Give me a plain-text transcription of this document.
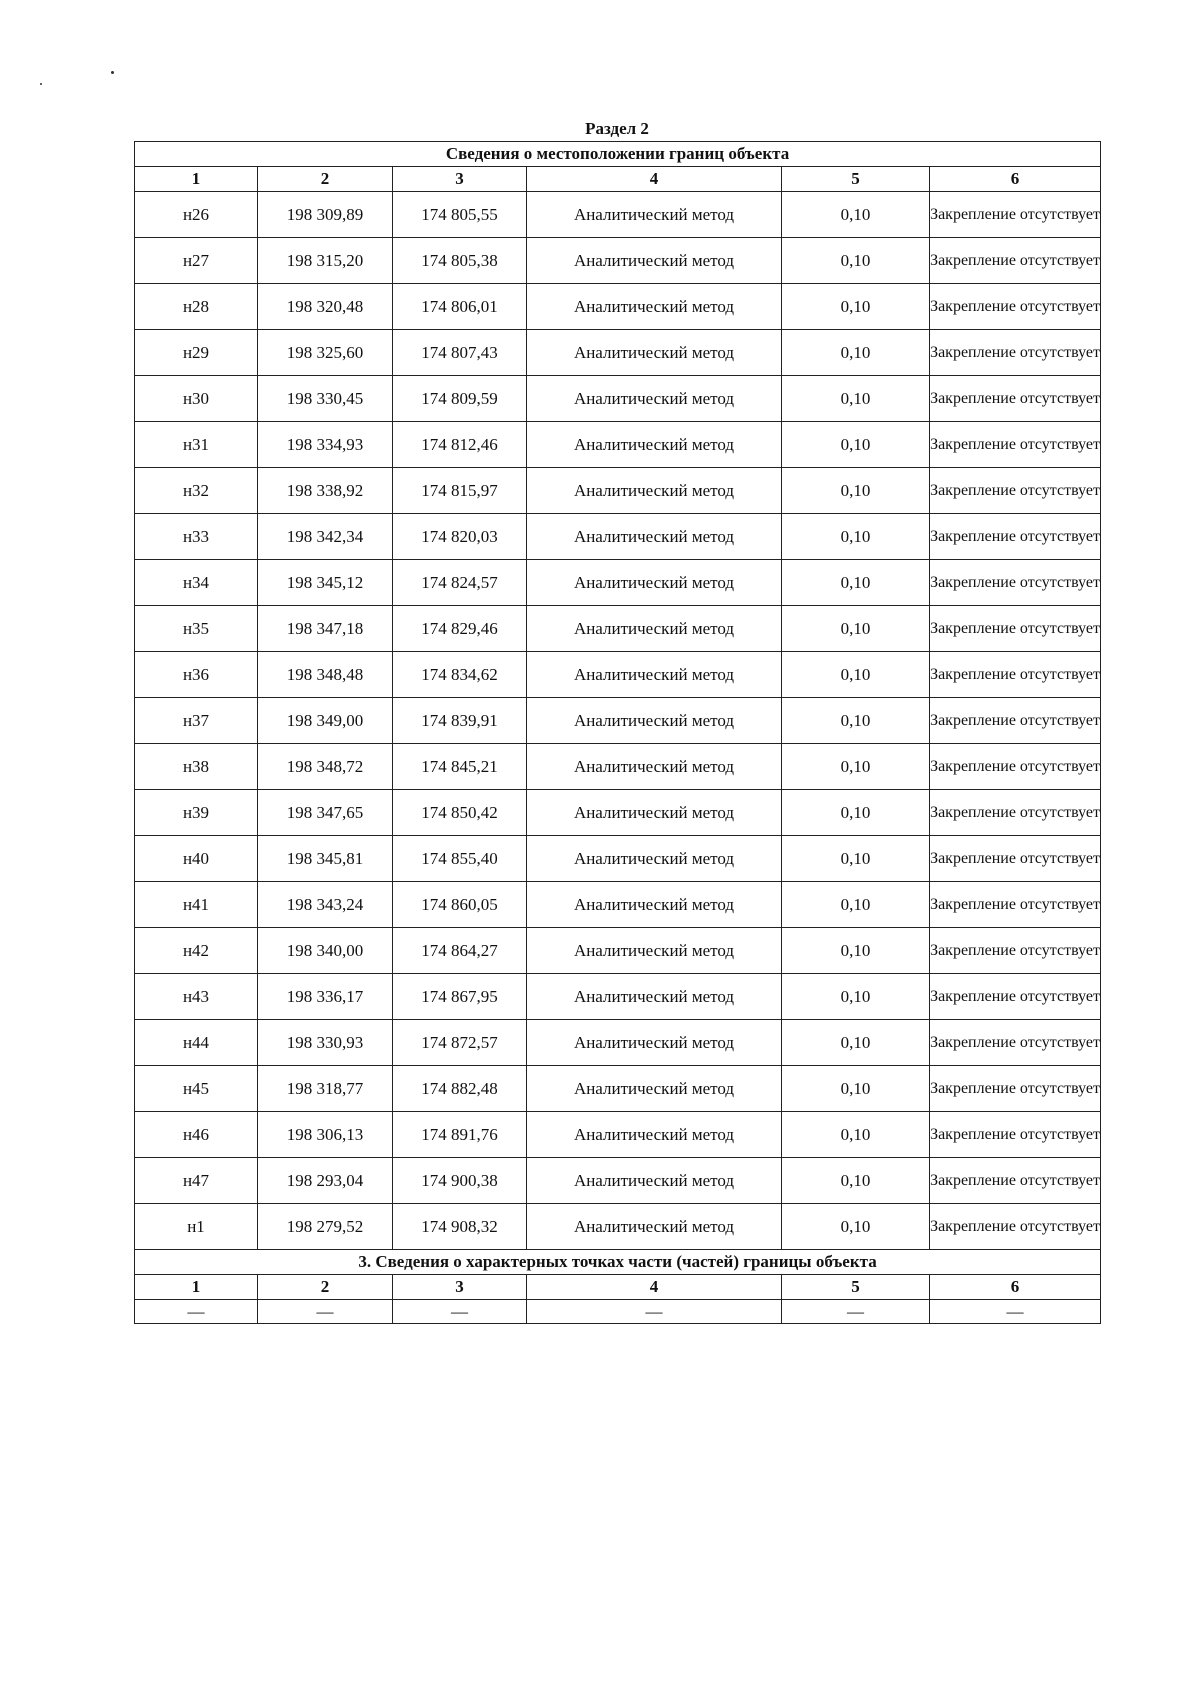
Раздел 2
Сведения о местоположении границ объекта					
1	2	3	4	5	6
н26	198 309,89	174 805,55	Аналитический метод	0,10	Закрепление отсутствует
н27	198 315,20	174 805,38	Аналитический метод	0,10	Закрепление отсутствует
н28	198 320,48	174 806,01	Аналитический метод	0,10	Закрепление отсутствует
н29	198 325,60	174 807,43	Аналитический метод	0,10	Закрепление отсутствует
н30	198 330,45	174 809,59	Аналитический метод	0,10	Закрепление отсутствует
н31	198 334,93	174 812,46	Аналитический метод	0,10	Закрепление отсутствует
н32	198 338,92	174 815,97	Аналитический метод	0,10	Закрепление отсутствует
н33	198 342,34	174 820,03	Аналитический метод	0,10	Закрепление отсутствует
н34	198 345,12	174 824,57	Аналитический метод	0,10	Закрепление отсутствует
н35	198 347,18	174 829,46	Аналитический метод	0,10	Закрепление отсутствует
н36	198 348,48	174 834,62	Аналитический метод	0,10	Закрепление отсутствует
н37	198 349,00	174 839,91	Аналитический метод	0,10	Закрепление отсутствует
н38	198 348,72	174 845,21	Аналитический метод	0,10	Закрепление отсутствует
н39	198 347,65	174 850,42	Аналитический метод	0,10	Закрепление отсутствует
н40	198 345,81	174 855,40	Аналитический метод	0,10	Закрепление отсутствует
н41	198 343,24	174 860,05	Аналитический метод	0,10	Закрепление отсутствует
н42	198 340,00	174 864,27	Аналитический метод	0,10	Закрепление отсутствует
н43	198 336,17	174 867,95	Аналитический метод	0,10	Закрепление отсутствует
н44	198 330,93	174 872,57	Аналитический метод	0,10	Закрепление отсутствует
н45	198 318,77	174 882,48	Аналитический метод	0,10	Закрепление отсутствует
н46	198 306,13	174 891,76	Аналитический метод	0,10	Закрепление отсутствует
н47	198 293,04	174 900,38	Аналитический метод	0,10	Закрепление отсутствует
н1	198 279,52	174 908,32	Аналитический метод	0,10	Закрепление отсутствует
3. Сведения о характерных точках части (частей) границы объекта					
1	2	3	4	5	6
—	—	—	—	—	—
